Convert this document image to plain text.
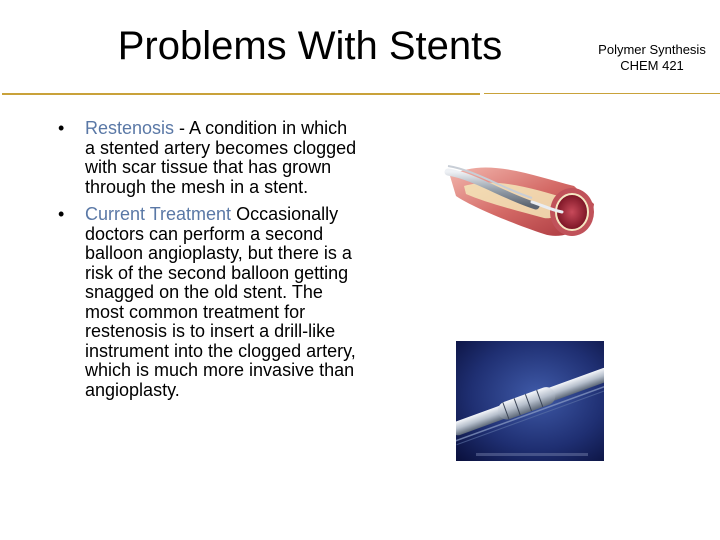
Problems With Stents	Polymer Synthesis
CHEM 421
• Restenosis - A condition in which a stented artery becomes clogged with scar tissue that has grown through the mesh in a stent.
• Current Treatment Occasionally doctors can perform a second balloon angioplasty, but there is a risk of the second balloon getting snagged on the old stent. The most common treatment for restenosis is to insert a drill-like instrument into the clogged artery, which is much more invasive than angioplasty.
